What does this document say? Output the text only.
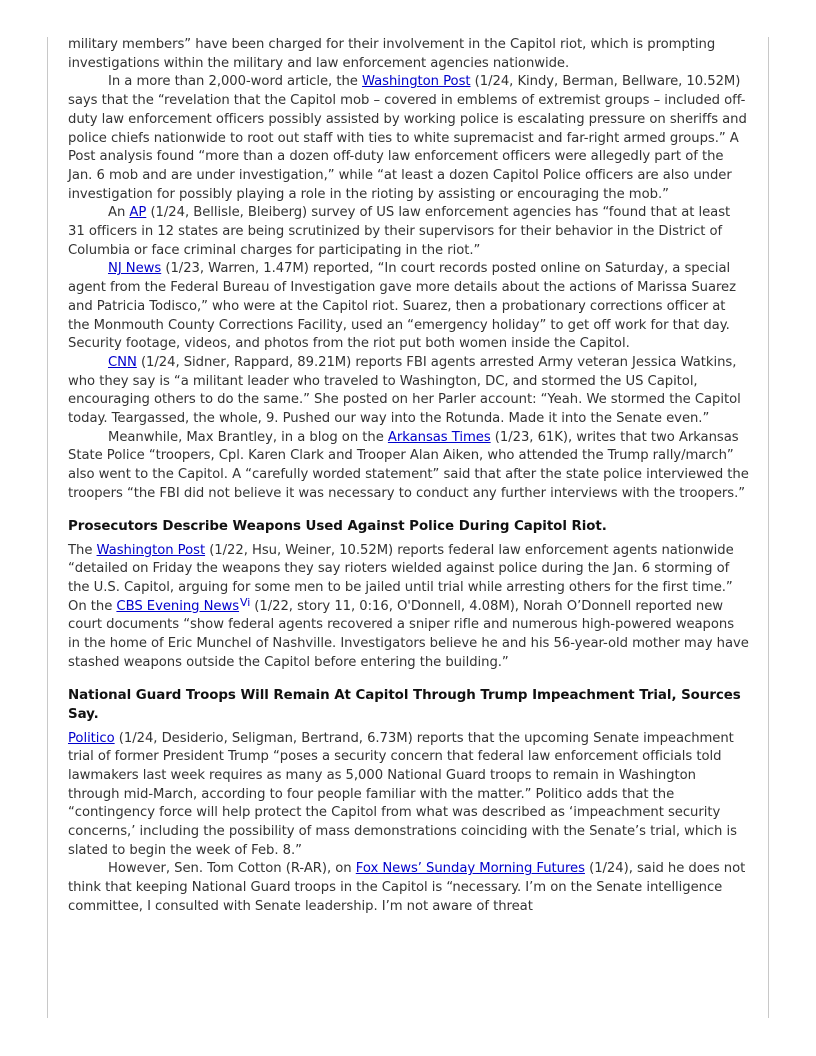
military members” have been charged for their involvement in the Capitol riot, which is prompting investigations within the military and law enforcement agencies nationwide.

In a more than 2,000-word article, the Washington Post (1/24, Kindy, Berman, Bellware, 10.52M) says that the “revelation that the Capitol mob – covered in emblems of extremist groups – included off-duty law enforcement officers possibly assisted by working police is escalating pressure on sheriffs and police chiefs nationwide to root out staff with ties to white supremacist and far-right armed groups.” A Post analysis found “more than a dozen off-duty law enforcement officers were allegedly part of the Jan. 6 mob and are under investigation,” while “at least a dozen Capitol Police officers are also under investigation for possibly playing a role in the rioting by assisting or encouraging the mob.”

An AP (1/24, Bellisle, Bleiberg) survey of US law enforcement agencies has “found that at least 31 officers in 12 states are being scrutinized by their supervisors for their behavior in the District of Columbia or face criminal charges for participating in the riot.”

NJ News (1/23, Warren, 1.47M) reported, “In court records posted online on Saturday, a special agent from the Federal Bureau of Investigation gave more details about the actions of Marissa Suarez and Patricia Todisco,” who were at the Capitol riot. Suarez, then a probationary corrections officer at the Monmouth County Corrections Facility, used an “emergency holiday” to get off work for that day. Security footage, videos, and photos from the riot put both women inside the Capitol.

CNN (1/24, Sidner, Rappard, 89.21M) reports FBI agents arrested Army veteran Jessica Watkins, who they say is “a militant leader who traveled to Washington, DC, and stormed the US Capitol, encouraging others to do the same.” She posted on her Parler account: “Yeah. We stormed the Capitol today. Teargassed, the whole, 9. Pushed our way into the Rotunda. Made it into the Senate even.”

Meanwhile, Max Brantley, in a blog on the Arkansas Times (1/23, 61K), writes that two Arkansas State Police “troopers, Cpl. Karen Clark and Trooper Alan Aiken, who attended the Trump rally/march” also went to the Capitol. A “carefully worded statement” said that after the state police interviewed the troopers “the FBI did not believe it was necessary to conduct any further interviews with the troopers.”

Prosecutors Describe Weapons Used Against Police During Capitol Riot.

The Washington Post (1/22, Hsu, Weiner, 10.52M) reports federal law enforcement agents nationwide “detailed on Friday the weapons they say rioters wielded against police during the Jan. 6 storming of the U.S. Capitol, arguing for some men to be jailed until trial while arresting others for the first time.” On the CBS Evening News$^{Vi}$ (1/22, story 11, 0:16, O'Donnell, 4.08M), Norah O’Donnell reported new court documents “show federal agents recovered a sniper rifle and numerous high-powered weapons in the home of Eric Munchel of Nashville. Investigators believe he and his 56-year-old mother may have stashed weapons outside the Capitol before entering the building.”

National Guard Troops Will Remain At Capitol Through Trump Impeachment Trial, Sources Say.

Politico (1/24, Desiderio, Seligman, Bertrand, 6.73M) reports that the upcoming Senate impeachment trial of former President Trump “poses a security concern that federal law enforcement officials told lawmakers last week requires as many as 5,000 National Guard troops to remain in Washington through mid-March, according to four people familiar with the matter.” Politico adds that the “contingency force will help protect the Capitol from what was described as ‘impeachment security concerns,’ including the possibility of mass demonstrations coinciding with the Senate’s trial, which is slated to begin the week of Feb. 8.”

However, Sen. Tom Cotton (R-AR), on Fox News’ Sunday Morning Futures (1/24), said he does not think that keeping National Guard troops in the Capitol is “necessary. I’m on the Senate intelligence committee, I consulted with Senate leadership. I’m not aware of threat
